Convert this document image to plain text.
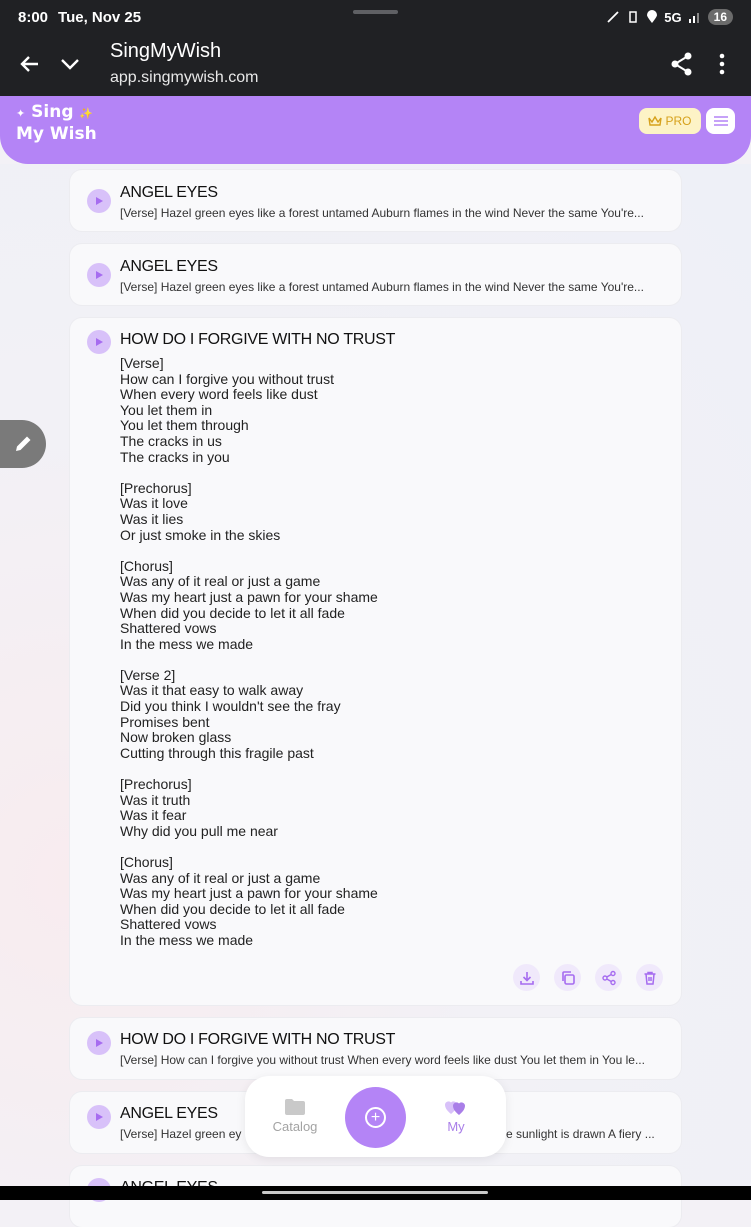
8:00 Tue, Nov 25	5G	16
SingMyWish
app.singmywish.com
✦ Sing ✨
My Wish
PRO
ANGEL EYES
[Verse] Hazel green eyes like a forest untamed Auburn flames in the wind Never the same You're...
ANGEL EYES
[Verse] Hazel green eyes like a forest untamed Auburn flames in the wind Never the same You're...
HOW DO I FORGIVE WITH NO TRUST
[Verse]
How can I forgive you without trust
When every word feels like dust
You let them in
You let them through
The cracks in us
The cracks in you

[Prechorus]
Was it love
Was it lies
Or just smoke in the skies

[Chorus]
Was any of it real or just a game
Was my heart just a pawn for your shame
When did you decide to let it all fade
Shattered vows
In the mess we made

[Verse 2]
Was it that easy to walk away
Did you think I wouldn't see the fray
Promises bent
Now broken glass
Cutting through this fragile past

[Prechorus]
Was it truth
Was it fear
Why did you pull me near

[Chorus]
Was any of it real or just a game
Was my heart just a pawn for your shame
When did you decide to let it all fade
Shattered vows
In the mess we made
HOW DO I FORGIVE WITH NO TRUST
[Verse] How can I forgive you without trust When every word feels like dust You let them in You le...
ANGEL EYES
[Verse] Hazel green ey	e sunlight is drawn A fiery ...
Catalog
+
My
